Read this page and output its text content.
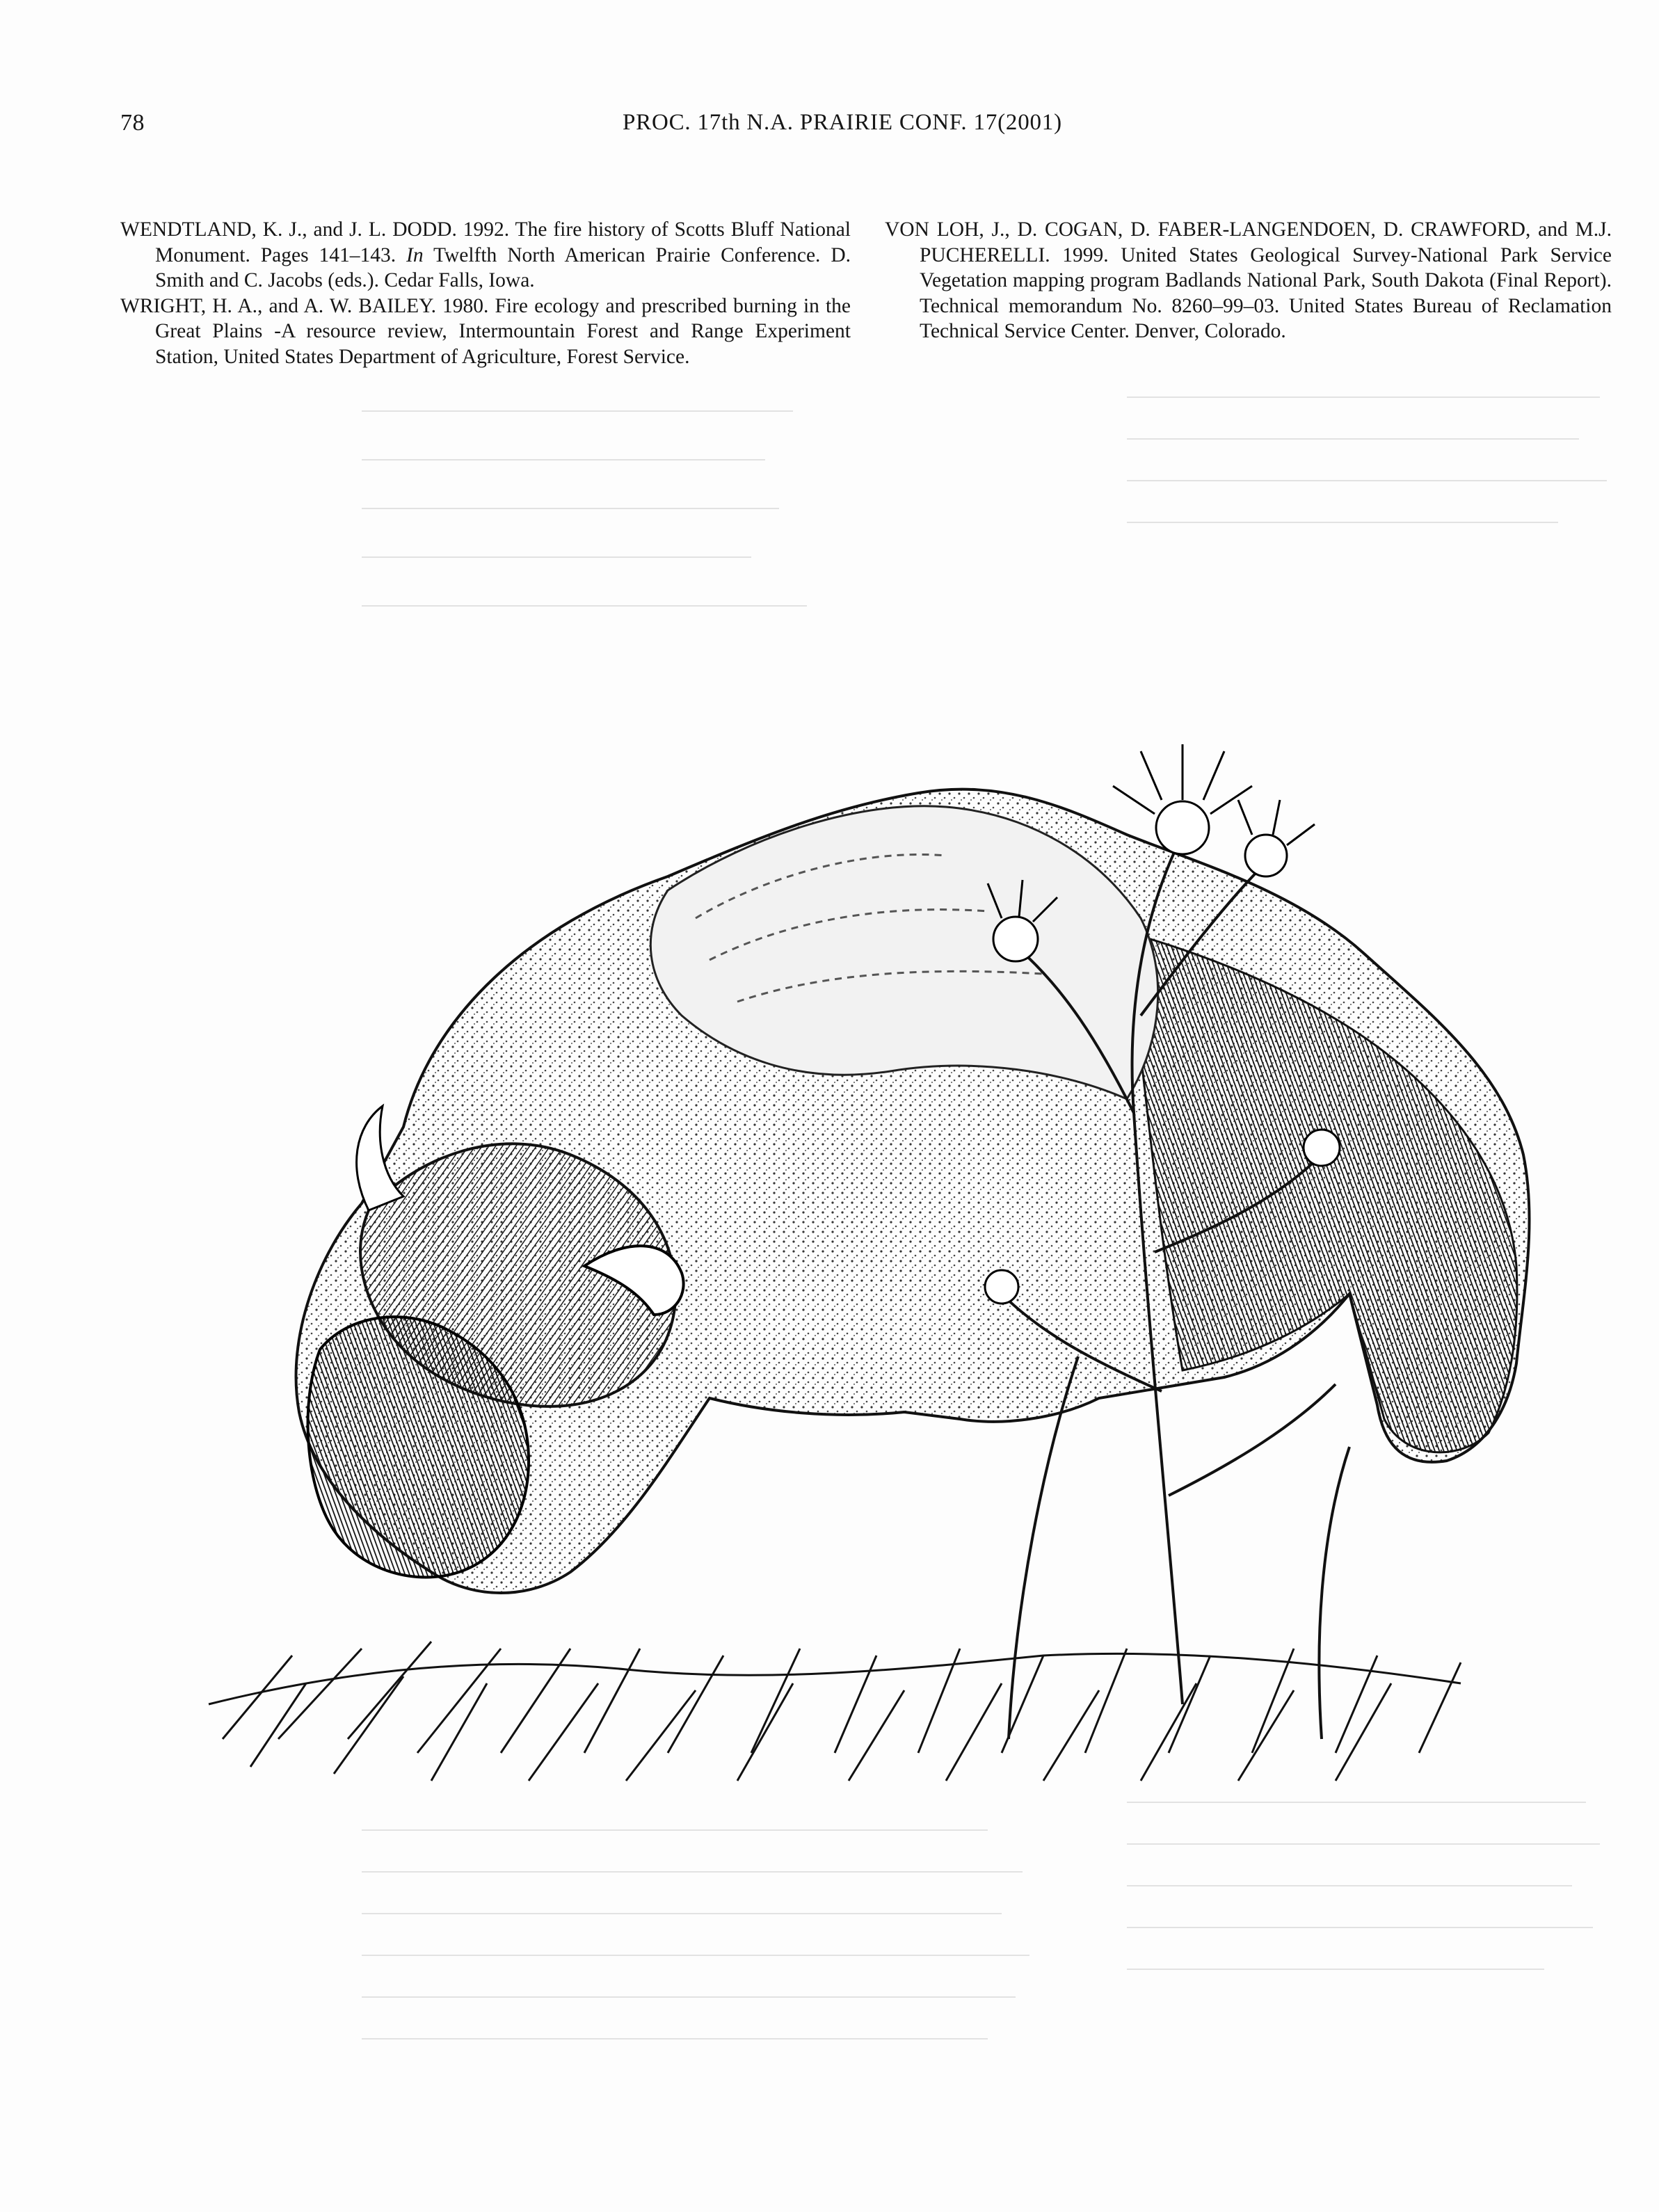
78	PROC. 17th N.A. PRAIRIE CONF. 17(2001)

WENDTLAND, K. J., and J. L. DODD. 1992. The fire history of Scotts Bluff National Monument. Pages 141–143. In Twelfth North American Prairie Conference. D. Smith and C. Jacobs (eds.). Cedar Falls, Iowa.

WRIGHT, H. A., and A. W. BAILEY. 1980. Fire ecology and prescribed burning in the Great Plains -A resource review, Intermountain Forest and Range Experiment Station, United States Department of Agriculture, Forest Service.

VON LOH, J., D. COGAN, D. FABER-LANGENDOEN, D. CRAWFORD, and M.J. PUCHERELLI. 1999. United States Geological Survey-National Park Service Vegetation mapping program Badlands National Park, South Dakota (Final Report). Technical memorandum No. 8260–99–03. United States Bureau of Reclamation Technical Service Center. Denver, Colorado.
